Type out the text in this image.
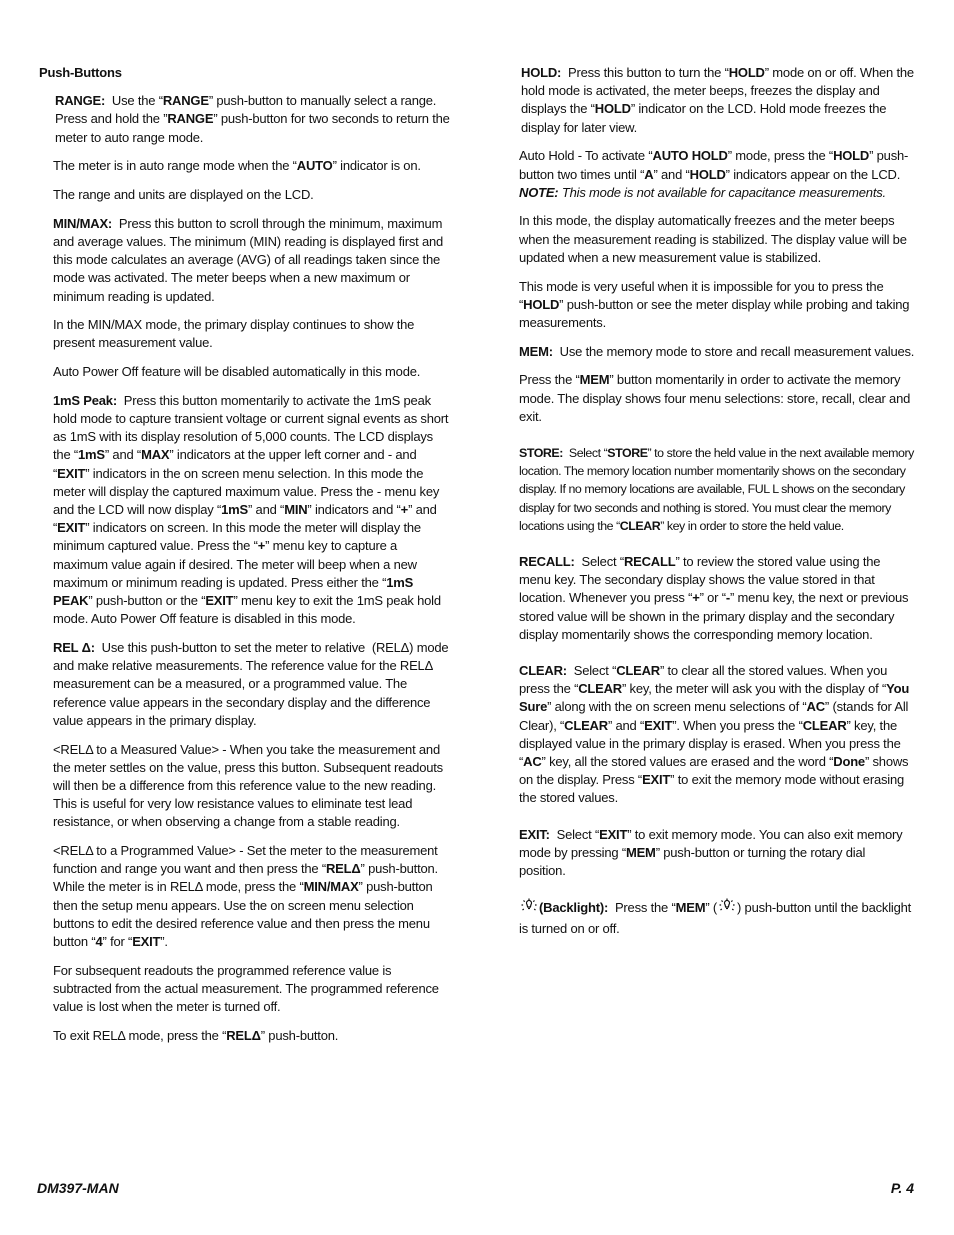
Push-Buttons

RANGE:  Use the “RANGE” push-button to manually select a range. Press and hold the ”RANGE” push-button for two seconds to return the meter to auto range mode.

The meter is in auto range mode when the “AUTO” indicator is on.

The range and units are displayed on the LCD.

MIN/MAX:  Press this button to scroll through the minimum, maximum and average values. The minimum (MIN) reading is displayed first and this mode calculates an average (AVG) of all readings taken since the mode was activated. The meter beeps when a new maximum or minimum reading is updated.

In the MIN/MAX mode, the primary display continues to show the present measurement value.

Auto Power Off feature will be disabled automatically in this mode.

1mS Peak:  Press this button momentarily to activate the 1mS peak hold mode to capture transient voltage or current signal events as short as 1mS with its display resolution of 5,000 counts. The LCD displays the “1mS” and “MAX” indicators at the upper left corner and - and “EXIT” indicators in the on screen menu selection. In this mode the meter will display the captured maximum value. Press the - menu key and the LCD will now display “1mS” and “MIN” indicators and “+” and “EXIT” indicators on screen. In this mode the meter will display the minimum captured value. Press the “+” menu key to capture a maximum value again if desired. The meter will beep when a new maximum or minimum reading is updated. Press either the “1mS PEAK” push-button or the “EXIT” menu key to exit the 1mS peak hold mode. Auto Power Off feature is disabled in this mode.

REL Δ:  Use this push-button to set the meter to relative  (RELΔ) mode and make relative measurements. The reference value for the RELΔ measurement can be a measured, or a programmed value. The reference value appears in the secondary display and the difference value appears in the primary display.

<RELΔ to a Measured Value> - When you take the measurement and the meter settles on the value, press this button. Subsequent readouts will then be a difference from this reference value to the new reading. This is useful for very low resistance values to eliminate test lead resistance, or when observing a change from a stable reading.

<RELΔ to a Programmed Value> - Set the meter to the measurement function and range you want and then press the “RELΔ” push-button. While the meter is in RELΔ mode, press the “MIN/MAX” push-button then the setup menu appears. Use the on screen menu selection buttons to edit the desired reference value and then press the menu button “4” for “EXIT”.

For subsequent readouts the programmed reference value is subtracted from the actual measurement. The programmed reference value is lost when the meter is turned off.

To exit RELΔ mode, press the “RELΔ” push-button.

HOLD:  Press this button to turn the “HOLD” mode on or off. When the hold mode is activated, the meter beeps, freezes the display and displays the “HOLD” indicator on the LCD. Hold mode freezes the display for later view.

Auto Hold - To activate “AUTO HOLD” mode, press the “HOLD” push-button two times until “A” and “HOLD” indicators appear on the LCD.

NOTE: This mode is not available for capacitance measurements.

In this mode, the display automatically freezes and the meter beeps when the measurement reading is stabilized. The display value will be updated when a new measurement value is stabilized.

This mode is very useful when it is impossible for you to press the “HOLD” push-button or see the meter display while probing and taking measurements.

MEM:  Use the memory mode to store and recall measurement values.

Press the “MEM” button momentarily in order to activate the memory mode. The display shows four menu selections: store, recall, clear and exit.

STORE:  Select “STORE” to store the held value in the next available memory location. The memory location number momentarily shows on the secondary display. If no memory locations are available, FUL L shows on the secondary display for two seconds and nothing is stored. You must clear the memory locations using the “CLEAR” key in order to store the held value.

RECALL:  Select “RECALL” to review the stored value using the menu key. The secondary display shows the value stored in that location. Whenever you press “+” or “-” menu key, the next or previous stored value will be shown in the primary display and the secondary display momentarily shows the corresponding memory location.

CLEAR:  Select “CLEAR” to clear all the stored values. When you press the “CLEAR” key, the meter will ask you with the display of “You Sure” along with the on screen menu selections of “AC” (stands for All Clear), “CLEAR” and “EXIT”. When you press the “CLEAR” key, the displayed value in the primary display is erased. When you press the “AC” key, all the stored values are erased and the word “Done” shows on the display. Press “EXIT” to exit the memory mode without erasing the stored values.

EXIT:  Select “EXIT” to exit memory mode. You can also exit memory mode by pressing “MEM” push-button or turning the rotary dial position.

(Backlight): Press the “MEM” ( ) push-button until the backlight is turned on or off.

DM397-MAN	P. 4
